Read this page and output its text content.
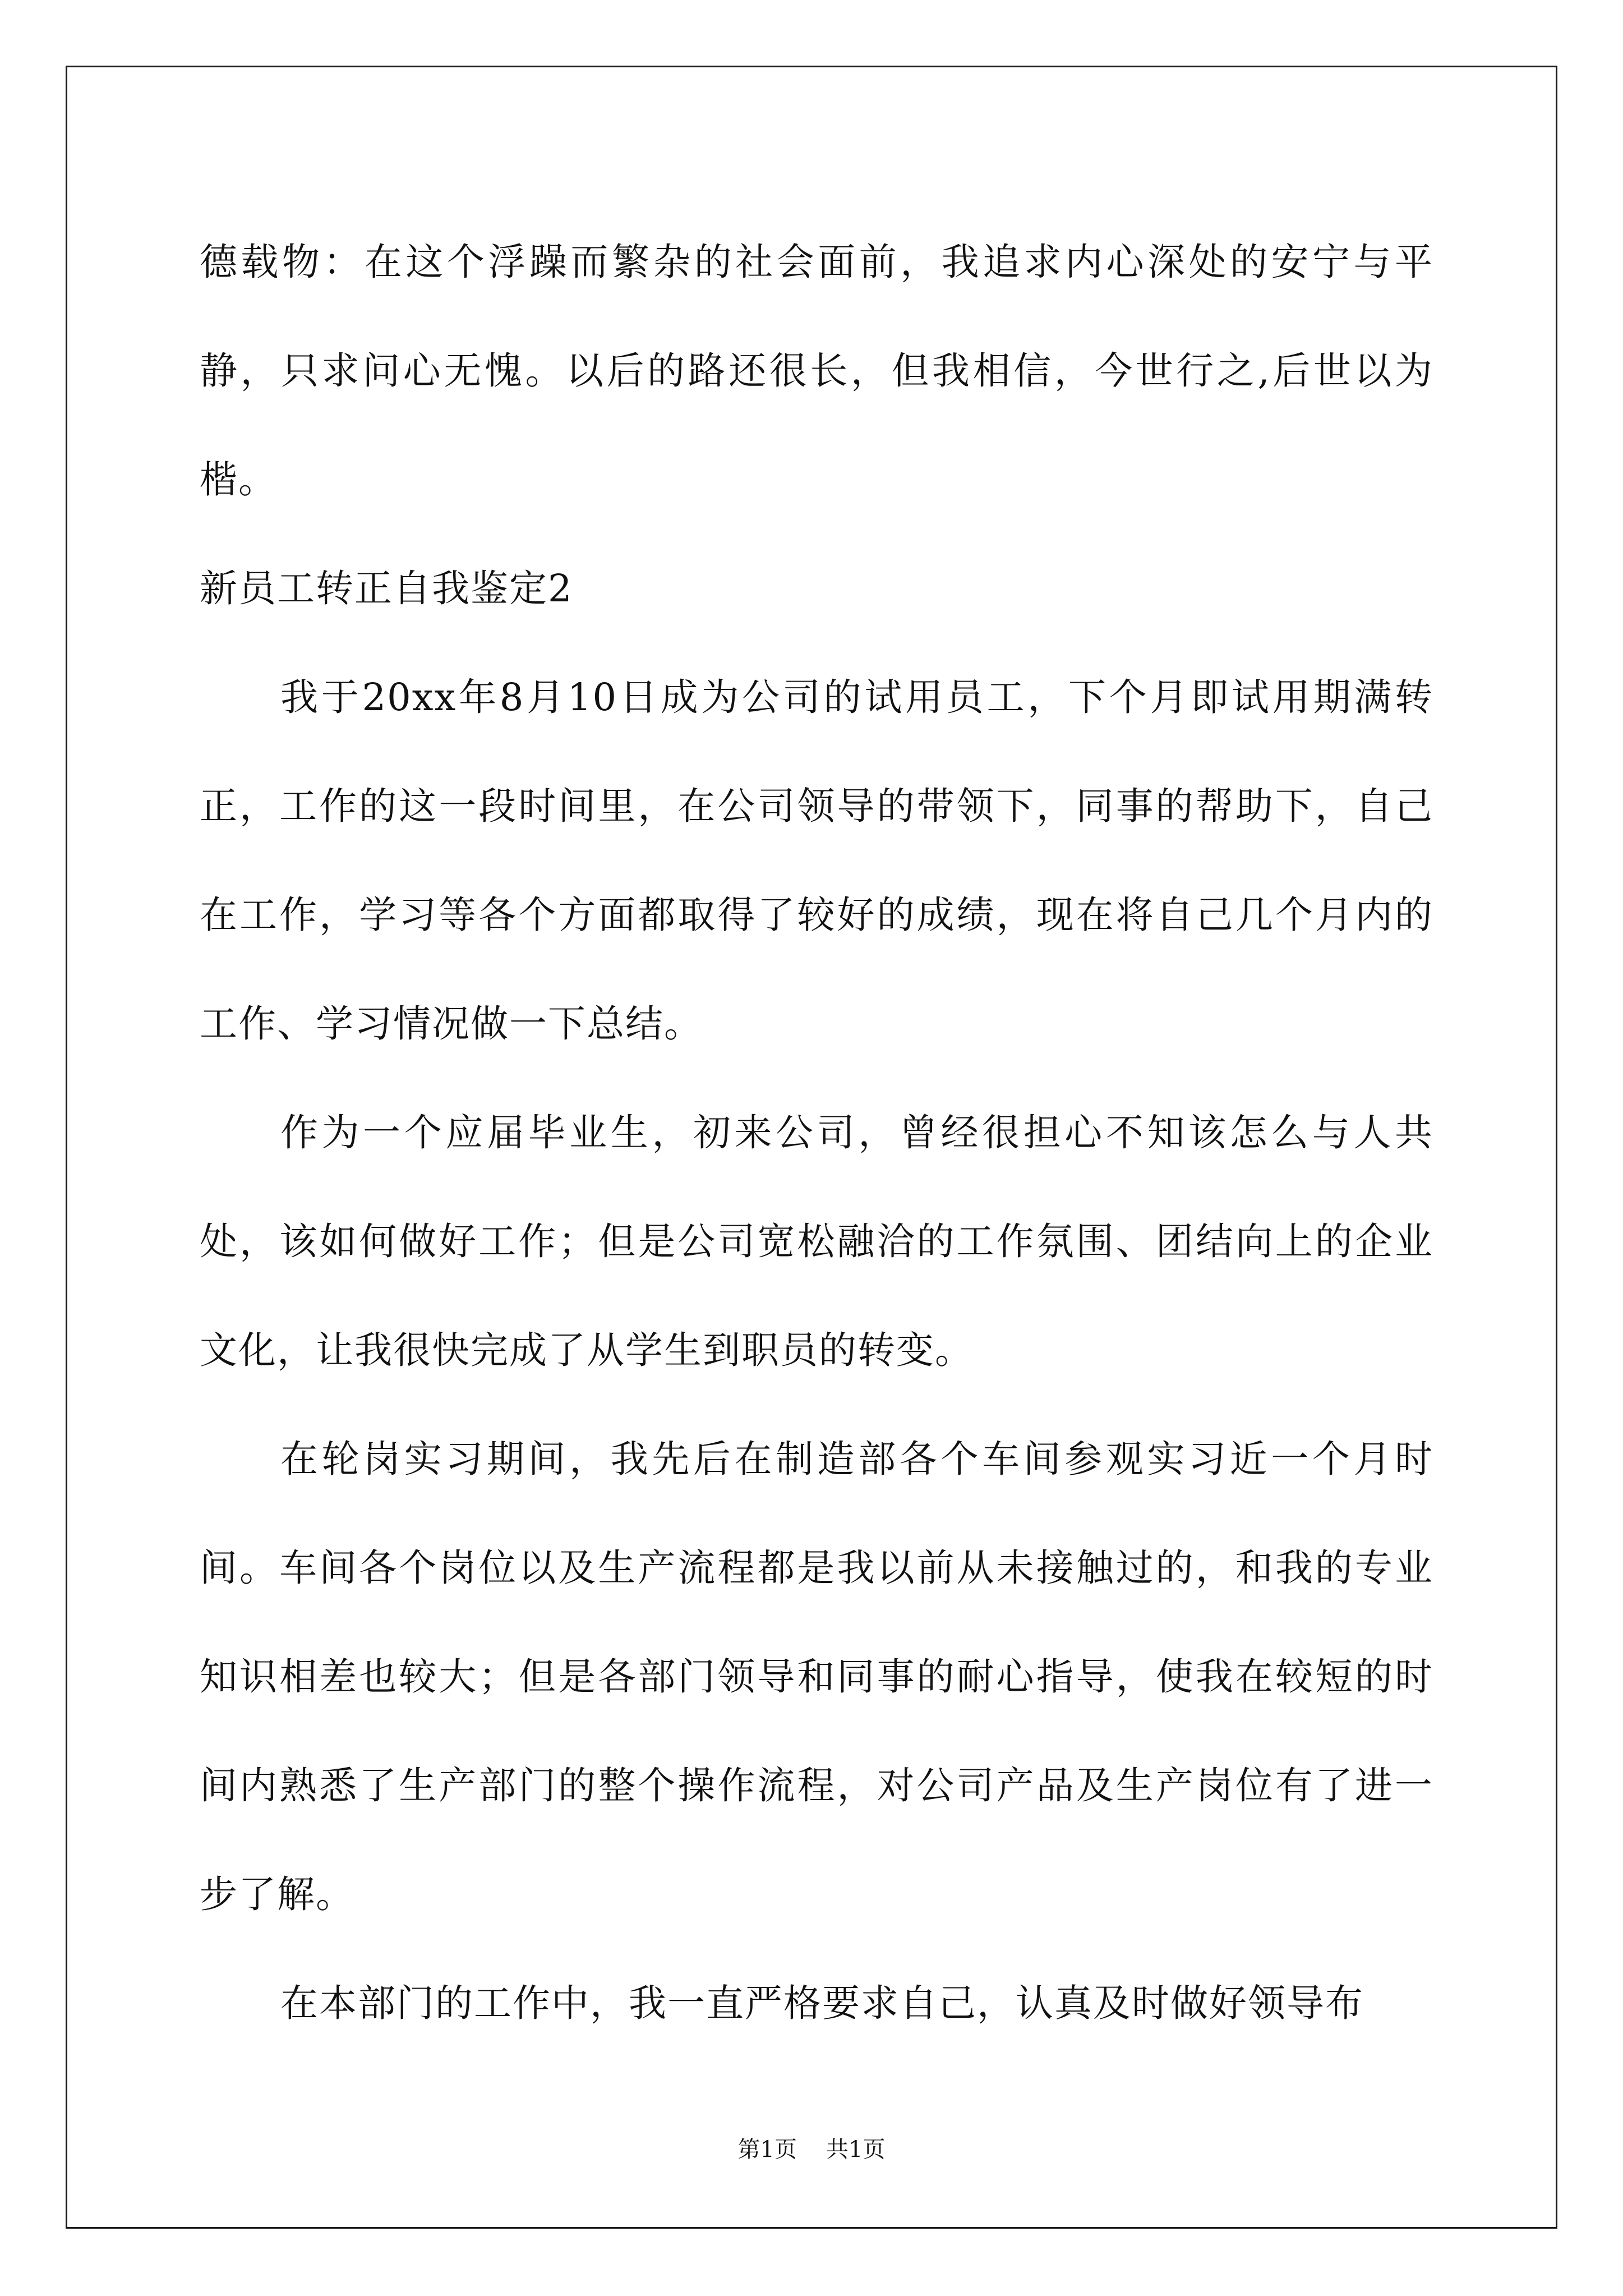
德载物：在这个浮躁而繁杂的社会面前，我追求内心深处的安宁与平静，只求问心无愧。以后的路还很长，但我相信，今世行之,后世以为楷。

新员工转正自我鉴定2

我于20xx年8月10日成为公司的试用员工，下个月即试用期满转正，工作的这一段时间里，在公司领导的带领下，同事的帮助下，自己在工作，学习等各个方面都取得了较好的成绩，现在将自己几个月内的工作、学习情况做一下总结。

作为一个应届毕业生，初来公司，曾经很担心不知该怎么与人共处，该如何做好工作；但是公司宽松融洽的工作氛围、团结向上的企业文化，让我很快完成了从学生到职员的转变。

在轮岗实习期间，我先后在制造部各个车间参观实习近一个月时间。车间各个岗位以及生产流程都是我以前从未接触过的，和我的专业知识相差也较大；但是各部门领导和同事的耐心指导，使我在较短的时间内熟悉了生产部门的整个操作流程，对公司产品及生产岗位有了进一步了解。

在本部门的工作中，我一直严格要求自己，认真及时做好领导布

第1页 共1页
